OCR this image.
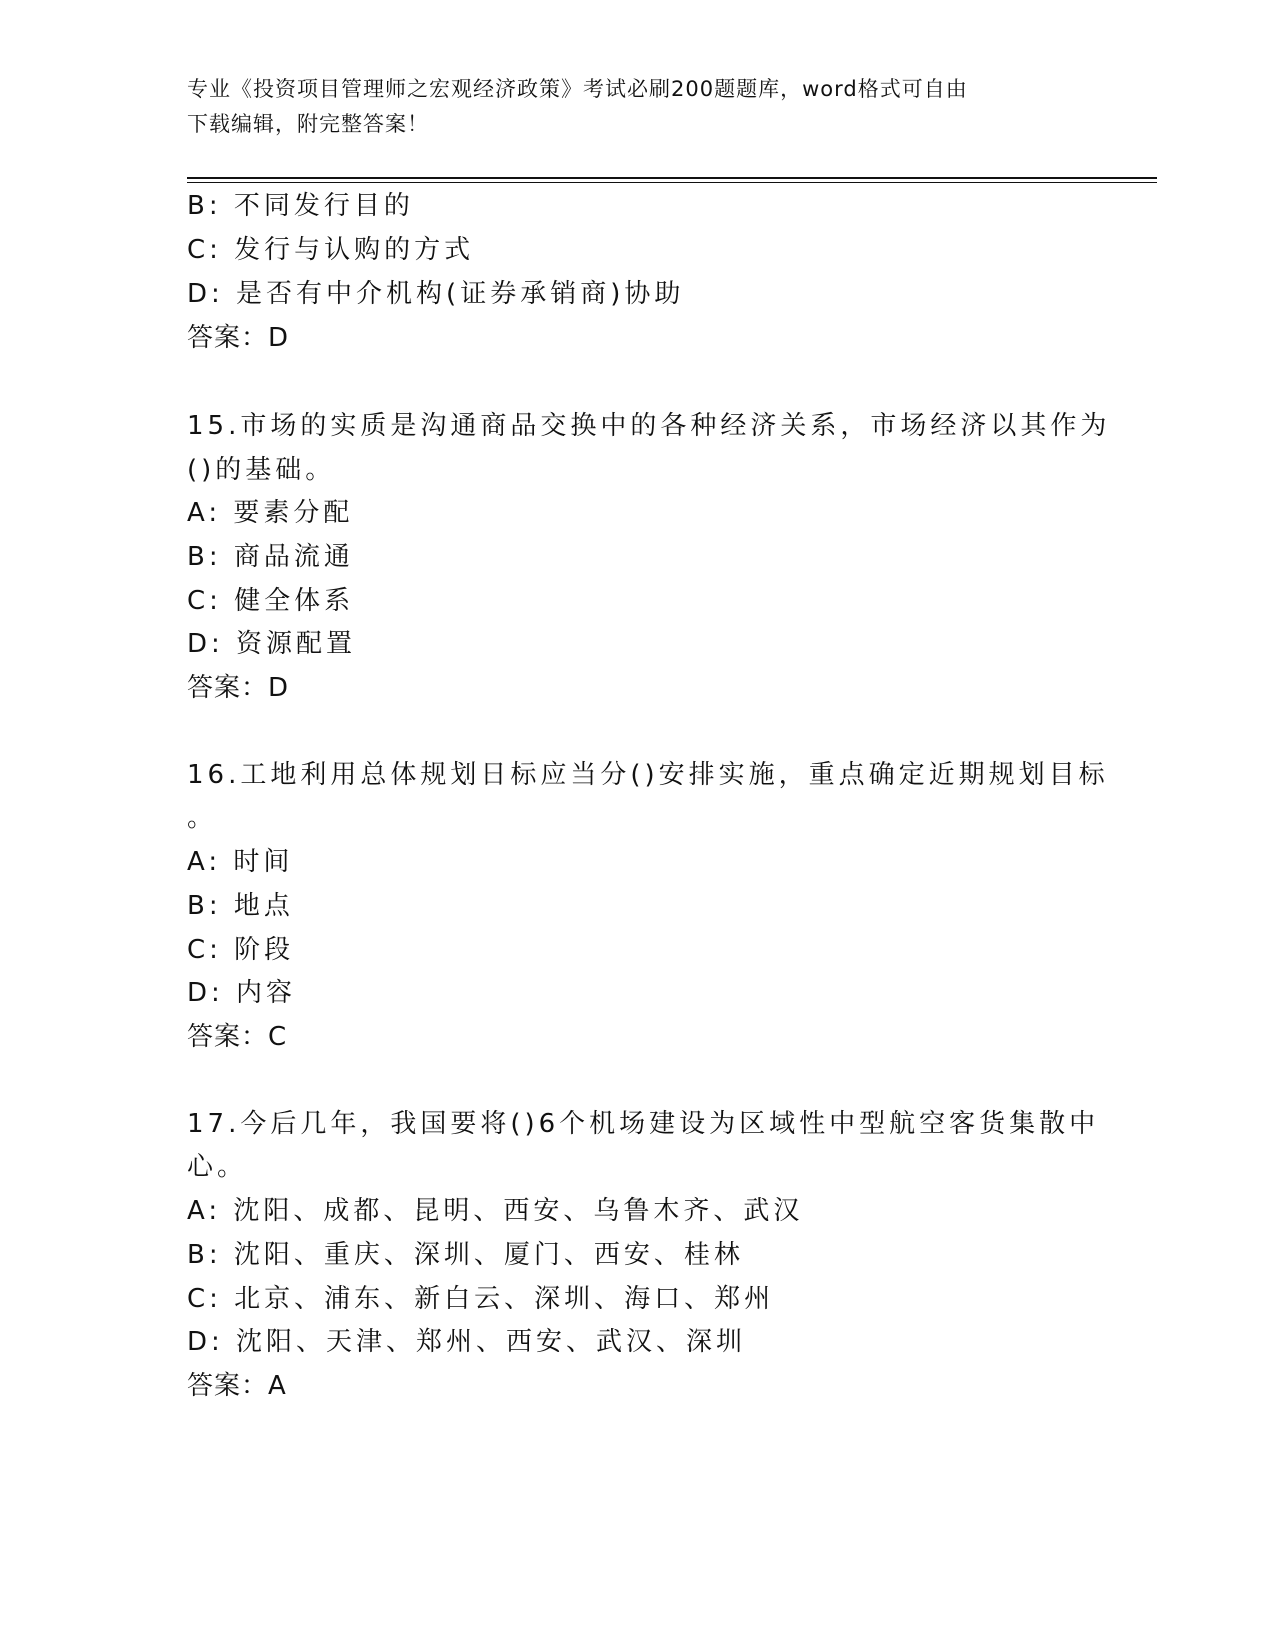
专业《投资项目管理师之宏观经济政策》考试必刷200题题库，word格式可自由
下载编辑，附完整答案！
B: 不同发行目的
C: 发行与认购的方式
D: 是否有中介机构(证券承销商)协助
答案：D
15.市场的实质是沟通商品交换中的各种经济关系，市场经济以其作为
()的基础。
A: 要素分配
B: 商品流通
C: 健全体系
D: 资源配置
答案：D
16.工地利用总体规划日标应当分()安排实施，重点确定近期规划目标
。
A: 时间
B: 地点
C: 阶段
D: 内容
答案：C
17.今后几年，我国要将()6个机场建设为区域性中型航空客货集散中
心。
A: 沈阳、成都、昆明、西安、乌鲁木齐、武汉
B: 沈阳、重庆、深圳、厦门、西安、桂林
C: 北京、浦东、新白云、深圳、海口、郑州
D: 沈阳、天津、郑州、西安、武汉、深圳
答案：A
